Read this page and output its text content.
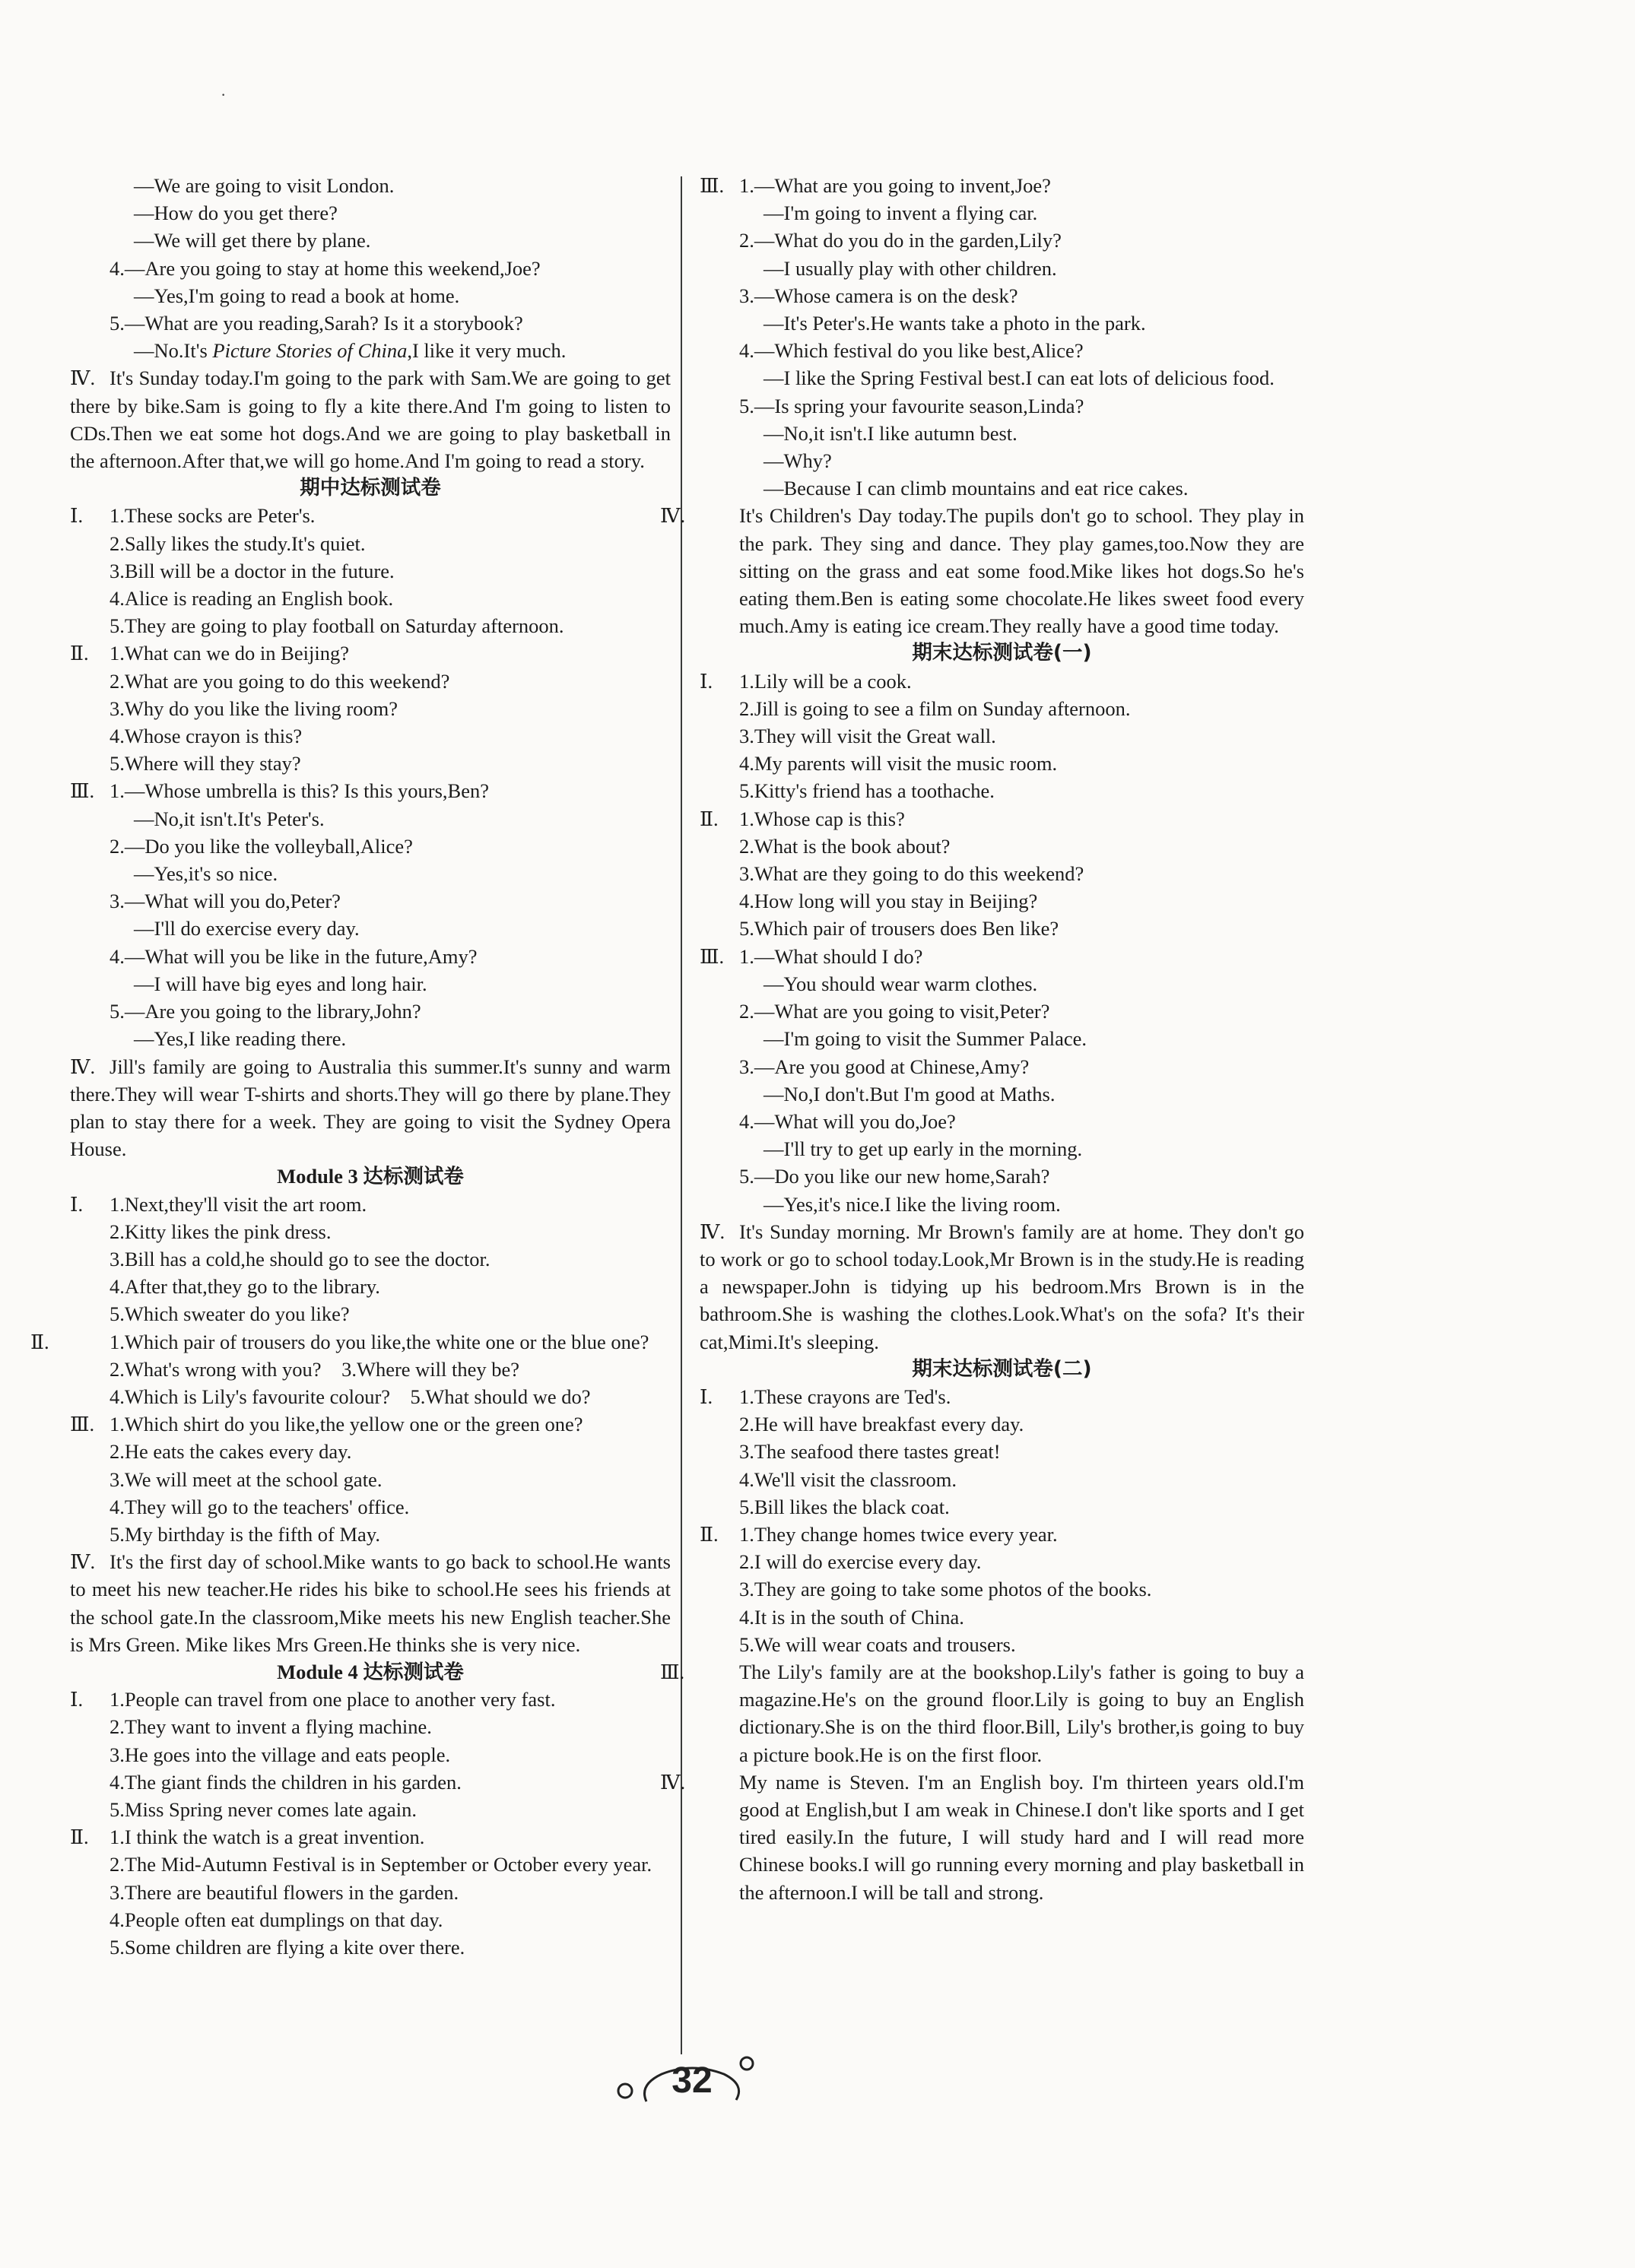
·
—We are going to visit London.
—How do you get there?
—We will get there by plane.
4.—Are you going to stay at home this weekend,Joe?
—Yes,I'm going to read a book at home.
5.—What are you reading,Sarah? Is it a storybook?
—No.It's Picture Stories of China,I like it very much.
Ⅳ. It's Sunday today.I'm going to the park with Sam.We are going to get there by bike.Sam is going to fly a kite there.And I'm going to listen to CDs.Then we eat some hot dogs.And we are going to play basketball in the afternoon.After that,we will go home.And I'm going to read a story.
期中达标测试卷
Ⅰ. 1.These socks are Peter's.
2.Sally likes the study.It's quiet.
3.Bill will be a doctor in the future.
4.Alice is reading an English book.
5.They are going to play football on Saturday afternoon.
Ⅱ. 1.What can we do in Beijing?
2.What are you going to do this weekend?
3.Why do you like the living room?
4.Whose crayon is this?
5.Where will they stay?
Ⅲ. 1.—Whose umbrella is this? Is this yours,Ben?
—No,it isn't.It's Peter's.
2.—Do you like the volleyball,Alice?
—Yes,it's so nice.
3.—What will you do,Peter?
—I'll do exercise every day.
4.—What will you be like in the future,Amy?
—I will have big eyes and long hair.
5.—Are you going to the library,John?
—Yes,I like reading there.
Ⅳ. Jill's family are going to Australia this summer.It's sunny and warm there.They will wear T-shirts and shorts.They will go there by plane.They plan to stay there for a week. They are going to visit the Sydney Opera House.
Module 3 达标测试卷
Ⅰ. 1.Next,they'll visit the art room.
2.Kitty likes the pink dress.
3.Bill has a cold,he should go to see the doctor.
4.After that,they go to the library.
5.Which sweater do you like?
Ⅱ.	1.Which pair of trousers do you like,the white one or the blue one?
2.What's wrong with you? 3.Where will they be?
4.Which is Lily's favourite colour? 5.What should we do?
Ⅲ. 1.Which shirt do you like,the yellow one or the green one?
2.He eats the cakes every day.
3.We will meet at the school gate.
4.They will go to the teachers' office.
5.My birthday is the fifth of May.
Ⅳ. It's the first day of school.Mike wants to go back to school.He wants to meet his new teacher.He rides his bike to school.He sees his friends at the school gate.In the classroom,Mike meets his new English teacher.She is Mrs Green. Mike likes Mrs Green.He thinks she is very nice.
Module 4 达标测试卷
Ⅰ. 1.People can travel from one place to another very fast.
2.They want to invent a flying machine.
3.He goes into the village and eats people.
4.The giant finds the children in his garden.
5.Miss Spring never comes late again.
Ⅱ. 1.I think the watch is a great invention.
2.The Mid-Autumn Festival is in September or October every year.
3.There are beautiful flowers in the garden.
4.People often eat dumplings on that day.
5.Some children are flying a kite over there.
Ⅲ. 1.—What are you going to invent,Joe?
—I'm going to invent a flying car.
2.—What do you do in the garden,Lily?
—I usually play with other children.
3.—Whose camera is on the desk?
—It's Peter's.He wants take a photo in the park.
4.—Which festival do you like best,Alice?
—I like the Spring Festival best.I can eat lots of delicious food.
5.—Is spring your favourite season,Linda?
—No,it isn't.I like autumn best.
—Why?
—Because I can climb mountains and eat rice cakes.
Ⅳ.	It's Children's Day today.The pupils don't go to school. They play in the park. They sing and dance. They play games,too.Now they are sitting on the grass and eat some food.Mike likes hot dogs.So he's eating them.Ben is eating some chocolate.He likes sweet food every much.Amy is eating ice cream.They really have a good time today.
期末达标测试卷(一)
Ⅰ. 1.Lily will be a cook.
2.Jill is going to see a film on Sunday afternoon.
3.They will visit the Great wall.
4.My parents will visit the music room.
5.Kitty's friend has a toothache.
Ⅱ. 1.Whose cap is this?
2.What is the book about?
3.What are they going to do this weekend?
4.How long will you stay in Beijing?
5.Which pair of trousers does Ben like?
Ⅲ. 1.—What should I do?
—You should wear warm clothes.
2.—What are you going to visit,Peter?
—I'm going to visit the Summer Palace.
3.—Are you good at Chinese,Amy?
—No,I don't.But I'm good at Maths.
4.—What will you do,Joe?
—I'll try to get up early in the morning.
5.—Do you like our new home,Sarah?
—Yes,it's nice.I like the living room.
Ⅳ. It's Sunday morning. Mr Brown's family are at home. They don't go to work or go to school today.Look,Mr Brown is in the study.He is reading a newspaper.John is tidying up his bedroom.Mrs Brown is in the bathroom.She is washing the clothes.Look.What's on the sofa? It's their cat,Mimi.It's sleeping.
期末达标测试卷(二)
Ⅰ. 1.These crayons are Ted's.
2.He will have breakfast every day.
3.The seafood there tastes great!
4.We'll visit the classroom.
5.Bill likes the black coat.
Ⅱ. 1.They change homes twice every year.
2.I will do exercise every day.
3.They are going to take some photos of the books.
4.It is in the south of China.
5.We will wear coats and trousers.
Ⅲ.	The Lily's family are at the bookshop.Lily's father is going to buy a magazine.He's on the ground floor.Lily is going to buy an English dictionary.She is on the third floor.Bill, Lily's brother,is going to buy a picture book.He is on the first floor.
Ⅳ.	My name is Steven. I'm an English boy. I'm thirteen years old.I'm good at English,but I am weak in Chinese.I don't like sports and I get tired easily.In the future, I will study hard and I will read more Chinese books.I will go running every morning and play basketball in the afternoon.I will be tall and strong.
32
